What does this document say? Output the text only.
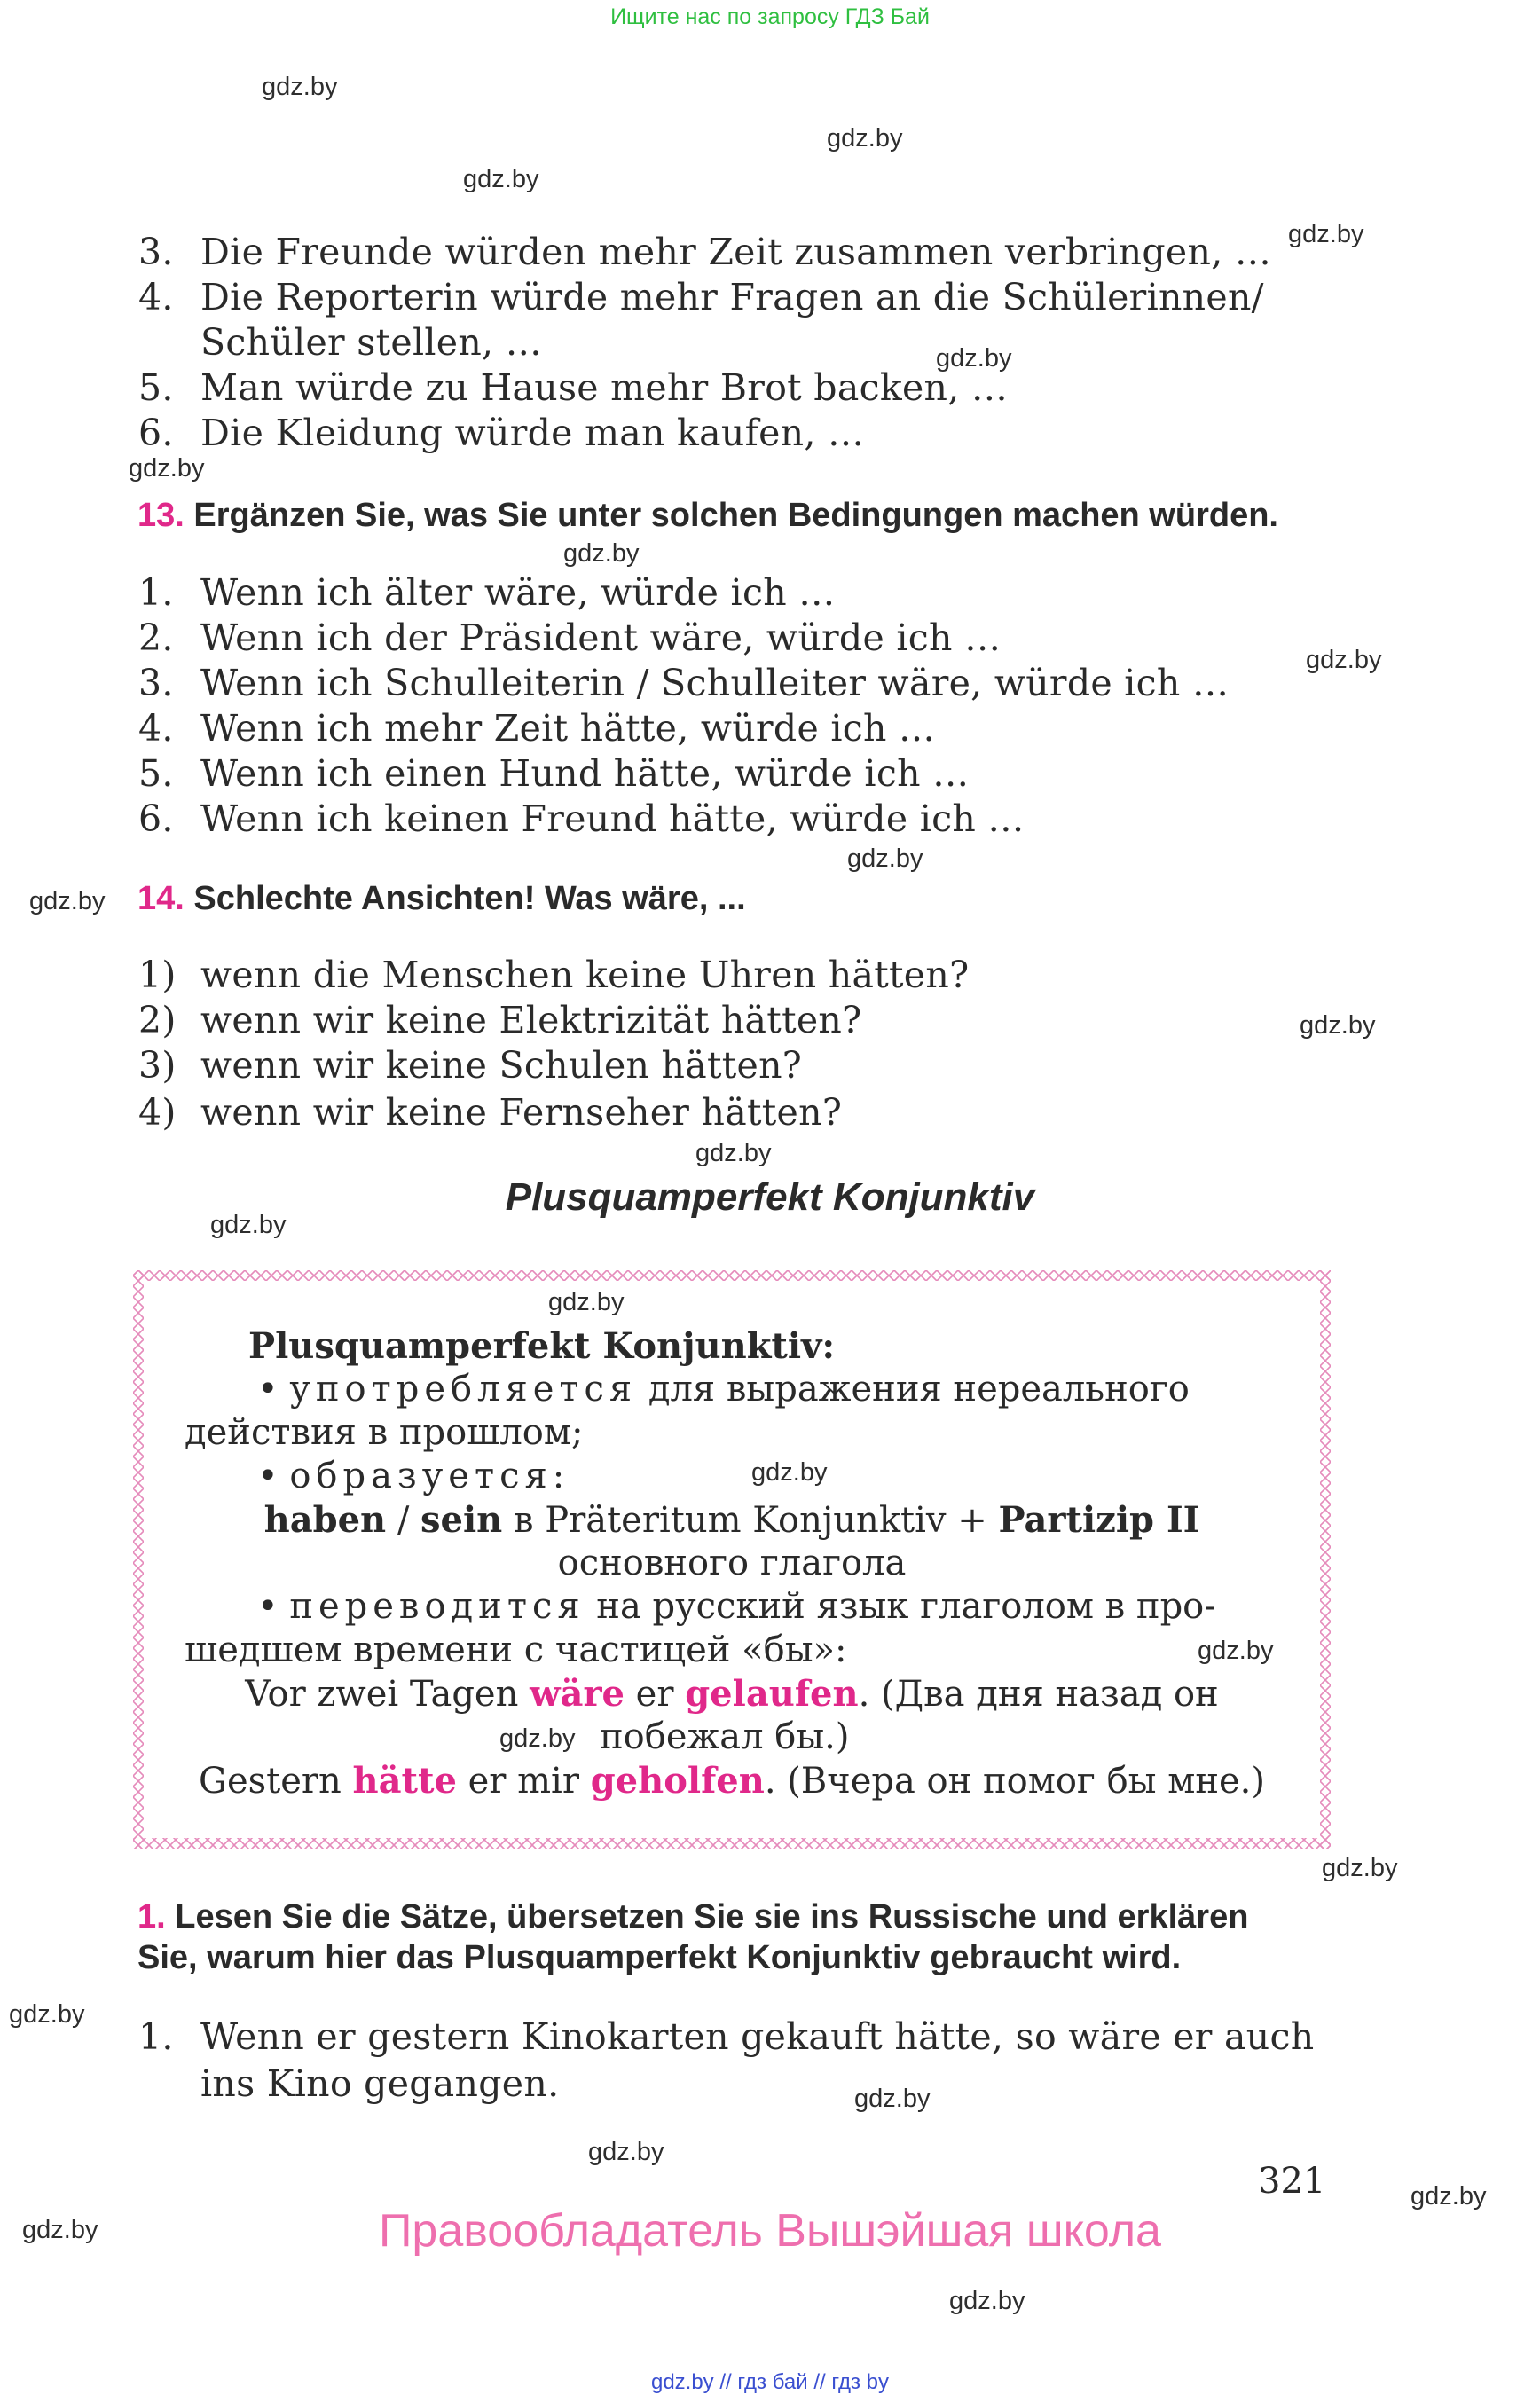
Ищите нас по запросу ГДЗ Бай
gdz.by
gdz.by
gdz.by
gdz.by
gdz.by
gdz.by
gdz.by
gdz.by
gdz.by
gdz.by
gdz.by
gdz.by
gdz.by
gdz.by
gdz.by
gdz.by
gdz.by
gdz.by
gdz.by
gdz.by
gdz.by
gdz.by
gdz.by
gdz.by
3. Die Freunde würden mehr Zeit zusammen verbringen, …
4. Die Reporterin würde mehr Fragen an die Schülerinnen/
Schüler stellen, …
5. Man würde zu Hause mehr Brot backen, …
6. Die Kleidung würde man kaufen, …
13. Ergänzen Sie, was Sie unter solchen Bedingungen machen würden.
1. Wenn ich älter wäre, würde ich …
2. Wenn ich der Präsident wäre, würde ich …
3. Wenn ich Schulleiterin / Schulleiter wäre, würde ich …
4. Wenn ich mehr Zeit hätte, würde ich …
5. Wenn ich einen Hund hätte, würde ich …
6. Wenn ich keinen Freund hätte, würde ich …
14. Schlechte Ansichten! Was wäre, ...
1) wenn die Menschen keine Uhren hätten?
2) wenn wir keine Elektrizität hätten?
3) wenn wir keine Schulen hätten?
4) wenn wir keine Fernseher hätten?
Plusquamperfekt Konjunktiv
Plusquamperfekt Konjunktiv:
• употребляется для выражения нереального
действия в прошлом;
• образуется:
haben / sein в Präteritum Konjunktiv + Partizip II
основного глагола
• переводится на русский язык глаголом в про-
шедшем времени с частицей «бы»:
Vor zwei Tagen wäre er gelaufen. (Два дня назад он
побежал бы.)
Gestern hätte er mir geholfen. (Вчера он помог бы мне.)
1. Lesen Sie die Sätze, übersetzen Sie sie ins Russische und erklären
Sie, warum hier das Plusquamperfekt Konjunktiv gebraucht wird.
1. Wenn er gestern Kinokarten gekauft hätte, so wäre er auch
ins Kino gegangen.
321
Правообладатель Вышэйшая школа
gdz.by // гдз бай // гдз by
